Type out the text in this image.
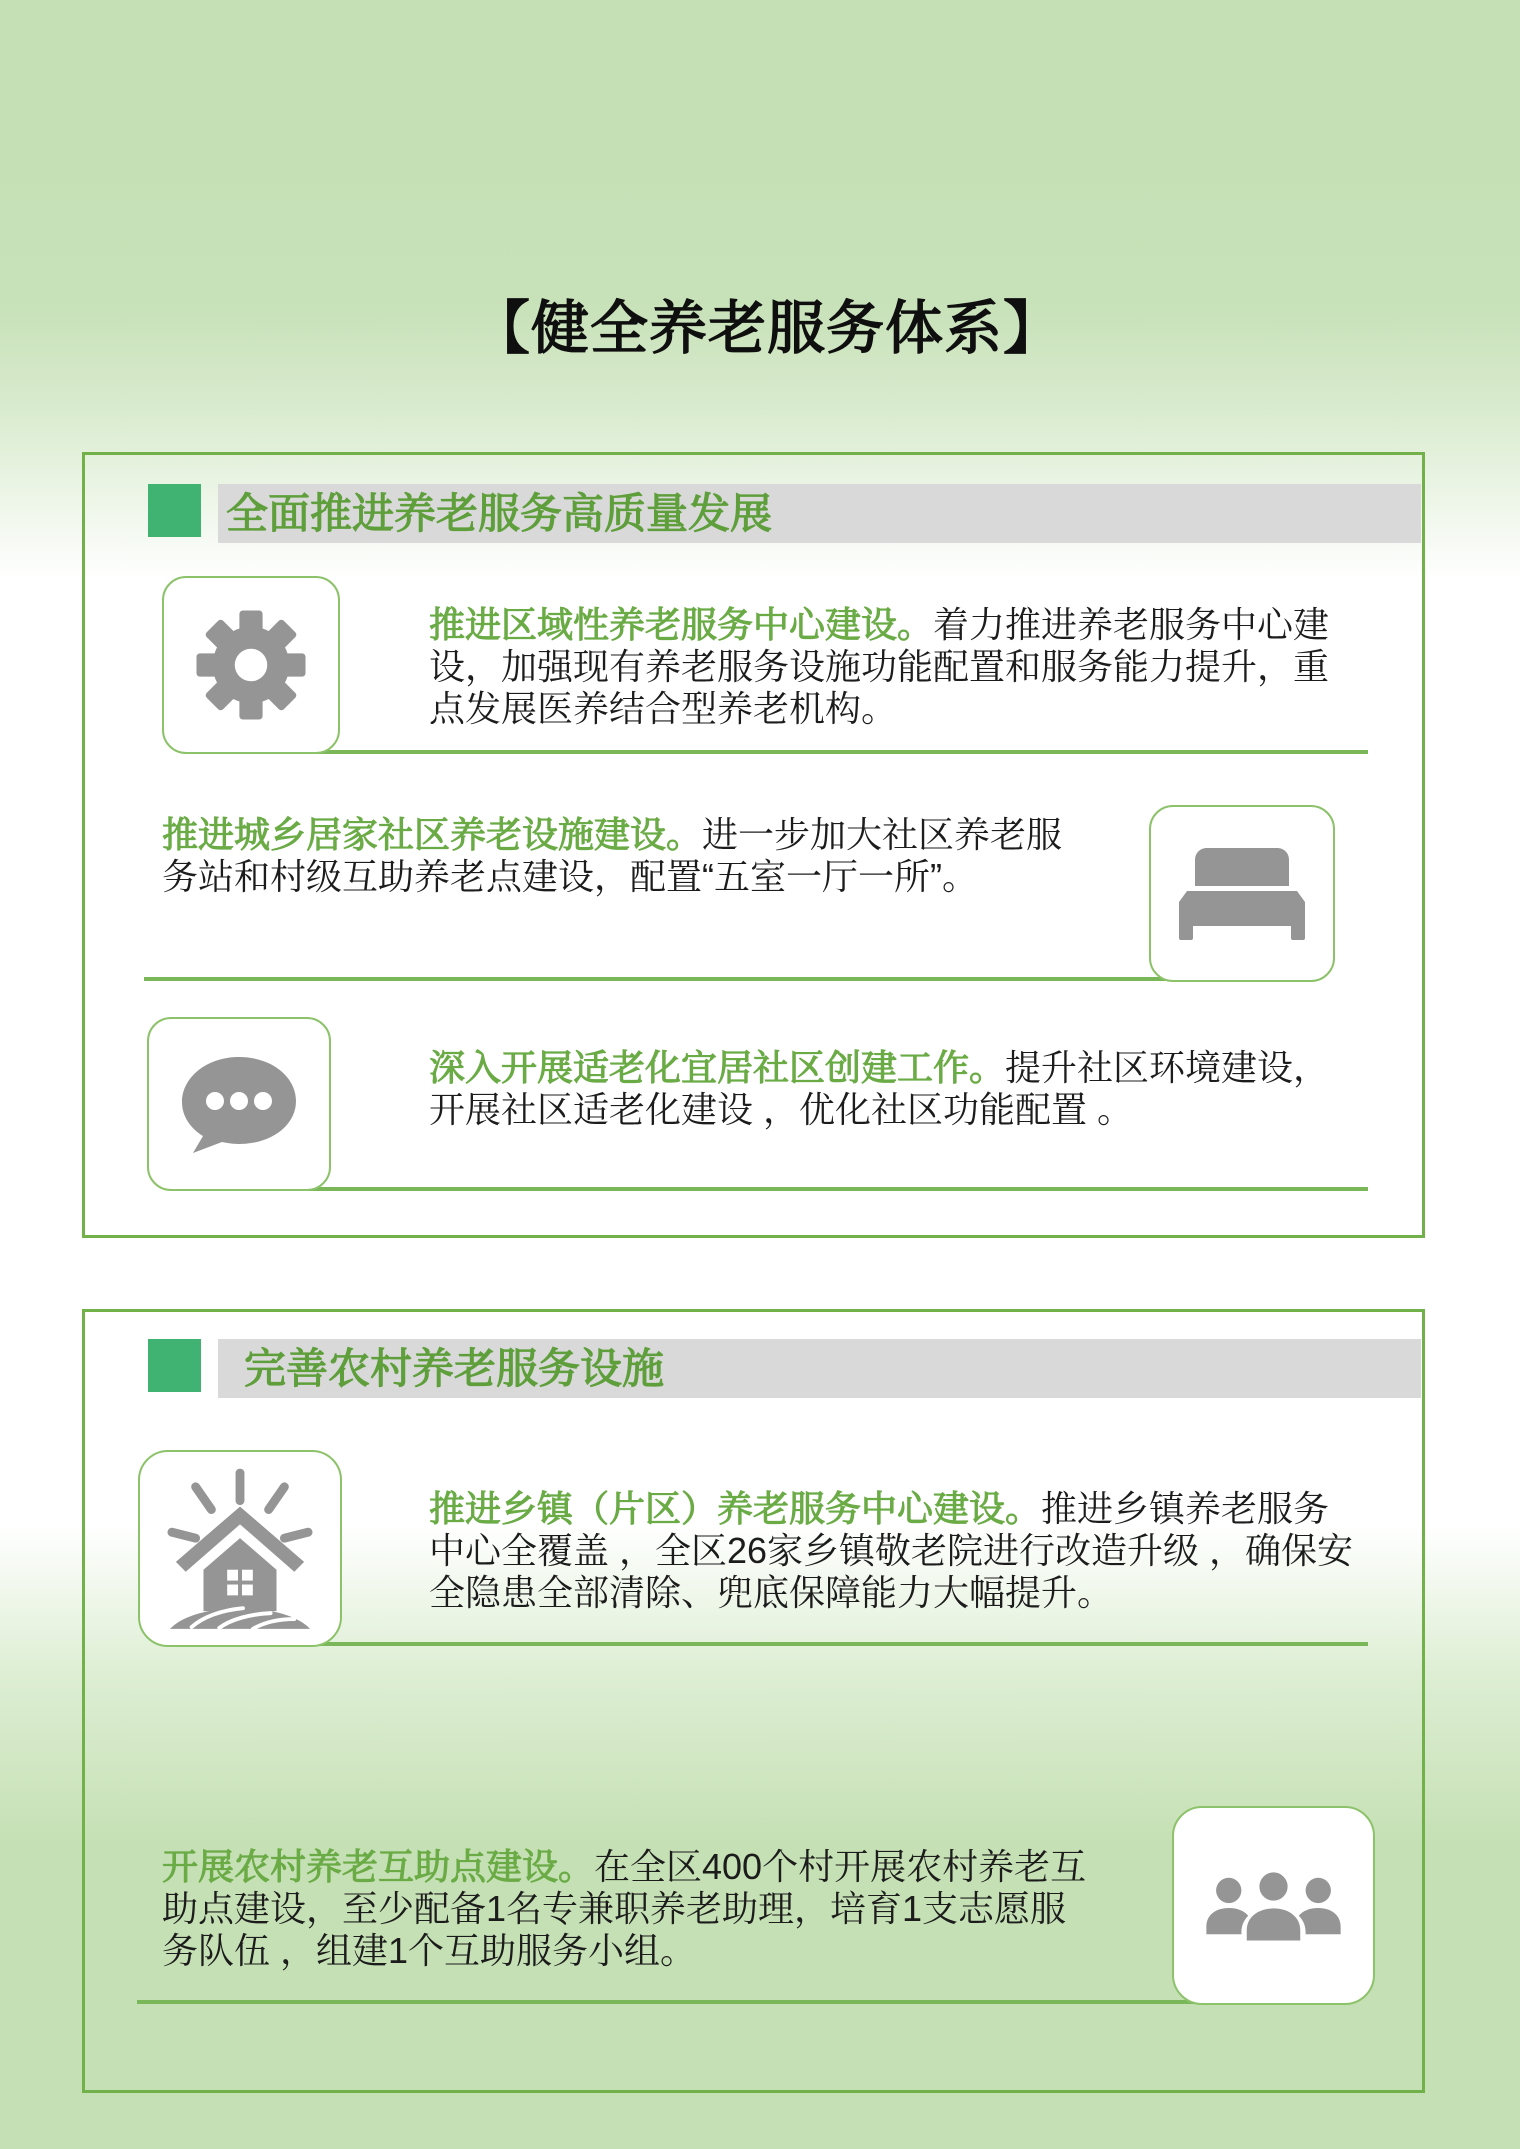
【健全养老服务体系】
全面推进养老服务高质量发展

推进区域性养老服务中心建设。着力推进养老服务中心建
设，加强现有养老服务设施功能配置和服务能力提升，重
点发展医养结合型养老机构。

推进城乡居家社区养老设施建设。进一步加大社区养老服
务站和村级互助养老点建设，配置“五室一厅一所”。

深入开展适老化宜居社区创建工作。提升社区环境建设，
开展社区适老化建设 ，优化社区功能配置 。

完善农村养老服务设施

推进乡镇（片区）养老服务中心建设。推进乡镇养老服务
中心全覆盖 ，全区26家乡镇敬老院进行改造升级 ，确保安
全隐患全部清除、兜底保障能力大幅提升。

开展农村养老互助点建设。在全区400个村开展农村养老互
助点建设，至少配备1名专兼职养老助理，培育1支志愿服
务队伍 ，组建1个互助服务小组。
